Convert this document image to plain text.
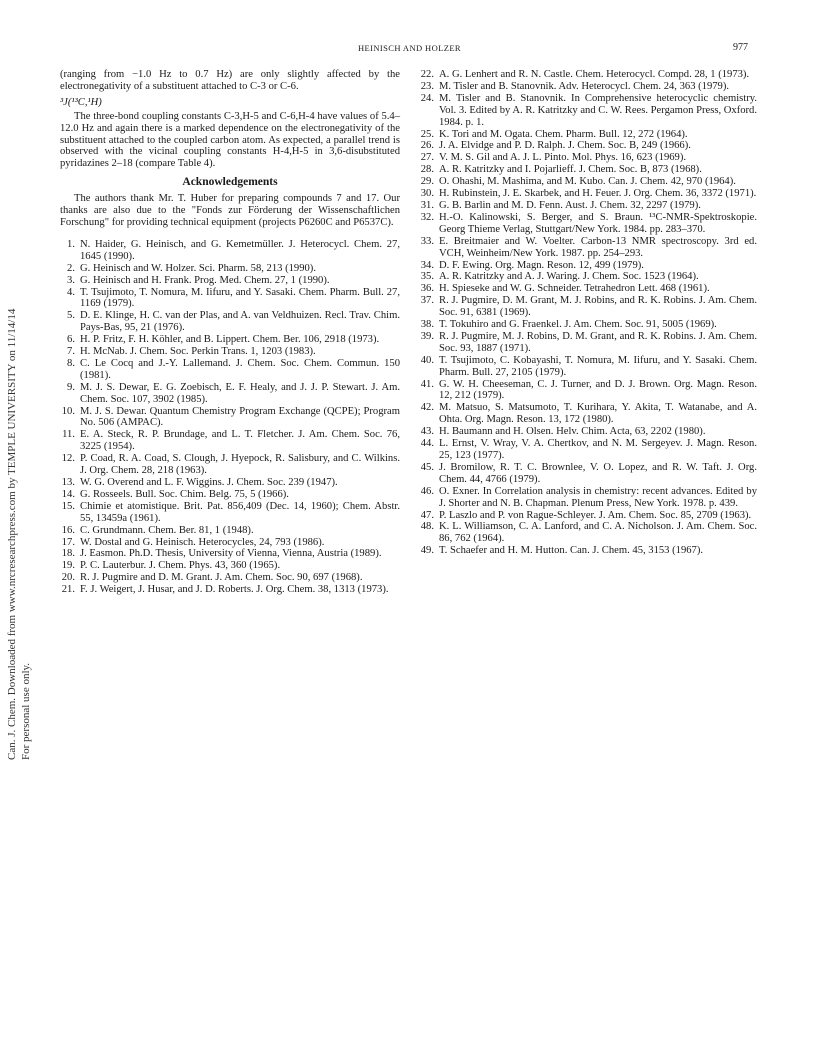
HEINISCH AND HOLZER	977
Can. J. Chem. Downloaded from www.nrcresearchpress.com by TEMPLE UNIVERSITY on 11/14/14 For personal use only.

(ranging from −1.0 Hz to 0.7 Hz) are only slightly affected by the electronegativity of a substituent attached to C-3 or C-6.

³J(¹³C,¹H)

The three-bond coupling constants C-3,H-5 and C-6,H-4 have values of 5.4–12.0 Hz and again there is a marked dependence on the electronegativity of the substituent attached to the coupled carbon atom. As expected, a parallel trend is observed with the vicinal coupling constants H-4,H-5 in 3,6-disubstituted pyridazines 2–18 (compare Table 4).

Acknowledgements

The authors thank Mr. T. Huber for preparing compounds 7 and 17. Our thanks are also due to the "Fonds zur Förderung der Wissenschaftlichen Forschung" for providing technical equipment (projects P6260C and P6537C).

1. N. Haider, G. Heinisch, and G. Kemetmüller. J. Heterocycl. Chem. 27, 1645 (1990).
2. G. Heinisch and W. Holzer. Sci. Pharm. 58, 213 (1990).
3. G. Heinisch and H. Frank. Prog. Med. Chem. 27, 1 (1990).
4. T. Tsujimoto, T. Nomura, M. Iifuru, and Y. Sasaki. Chem. Pharm. Bull. 27, 1169 (1979).
5. D. E. Klinge, H. C. van der Plas, and A. van Veldhuizen. Recl. Trav. Chim. Pays-Bas, 95, 21 (1976).
6. H. P. Fritz, F. H. Köhler, and B. Lippert. Chem. Ber. 106, 2918 (1973).
7. H. McNab. J. Chem. Soc. Perkin Trans. 1, 1203 (1983).
8. C. Le Cocq and J.-Y. Lallemand. J. Chem. Soc. Chem. Commun. 150 (1981).
9. M. J. S. Dewar, E. G. Zoebisch, E. F. Healy, and J. J. P. Stewart. J. Am. Chem. Soc. 107, 3902 (1985).
10. M. J. S. Dewar. Quantum Chemistry Program Exchange (QCPE); Program No. 506 (AMPAC).
11. E. A. Steck, R. P. Brundage, and L. T. Fletcher. J. Am. Chem. Soc. 76, 3225 (1954).
12. P. Coad, R. A. Coad, S. Clough, J. Hyepock, R. Salisbury, and C. Wilkins. J. Org. Chem. 28, 218 (1963).
13. W. G. Overend and L. F. Wiggins. J. Chem. Soc. 239 (1947).
14. G. Rosseels. Bull. Soc. Chim. Belg. 75, 5 (1966).
15. Chimie et atomistique. Brit. Pat. 856,409 (Dec. 14, 1960); Chem. Abstr. 55, 13459a (1961).
16. C. Grundmann. Chem. Ber. 81, 1 (1948).
17. W. Dostal and G. Heinisch. Heterocycles, 24, 793 (1986).
18. J. Easmon. Ph.D. Thesis, University of Vienna, Vienna, Austria (1989).
19. P. C. Lauterbur. J. Chem. Phys. 43, 360 (1965).
20. R. J. Pugmire and D. M. Grant. J. Am. Chem. Soc. 90, 697 (1968).
21. F. J. Weigert, J. Husar, and J. D. Roberts. J. Org. Chem. 38, 1313 (1973).
22. A. G. Lenhert and R. N. Castle. Chem. Heterocycl. Compd. 28, 1 (1973).
23. M. Tisler and B. Stanovnik. Adv. Heterocycl. Chem. 24, 363 (1979).
24. M. Tisler and B. Stanovnik. In Comprehensive heterocyclic chemistry. Vol. 3. Edited by A. R. Katritzky and C. W. Rees. Pergamon Press, Oxford. 1984. p. 1.
25. K. Tori and M. Ogata. Chem. Pharm. Bull. 12, 272 (1964).
26. J. A. Elvidge and P. D. Ralph. J. Chem. Soc. B, 249 (1966).
27. V. M. S. Gil and A. J. L. Pinto. Mol. Phys. 16, 623 (1969).
28. A. R. Katritzky and I. Pojarlieff. J. Chem. Soc. B, 873 (1968).
29. O. Ohashi, M. Mashima, and M. Kubo. Can. J. Chem. 42, 970 (1964).
30. H. Rubinstein, J. E. Skarbek, and H. Feuer. J. Org. Chem. 36, 3372 (1971).
31. G. B. Barlin and M. D. Fenn. Aust. J. Chem. 32, 2297 (1979).
32. H.-O. Kalinowski, S. Berger, and S. Braun. ¹³C-NMR-Spektroskopie. Georg Thieme Verlag, Stuttgart/New York. 1984. pp. 283–370.
33. E. Breitmaier and W. Voelter. Carbon-13 NMR spectroscopy. 3rd ed. VCH, Weinheim/New York. 1987. pp. 254–293.
34. D. F. Ewing. Org. Magn. Reson. 12, 499 (1979).
35. A. R. Katritzky and A. J. Waring. J. Chem. Soc. 1523 (1964).
36. H. Spieseke and W. G. Schneider. Tetrahedron Lett. 468 (1961).
37. R. J. Pugmire, D. M. Grant, M. J. Robins, and R. K. Robins. J. Am. Chem. Soc. 91, 6381 (1969).
38. T. Tokuhiro and G. Fraenkel. J. Am. Chem. Soc. 91, 5005 (1969).
39. R. J. Pugmire, M. J. Robins, D. M. Grant, and R. K. Robins. J. Am. Chem. Soc. 93, 1887 (1971).
40. T. Tsujimoto, C. Kobayashi, T. Nomura, M. Iifuru, and Y. Sasaki. Chem. Pharm. Bull. 27, 2105 (1979).
41. G. W. H. Cheeseman, C. J. Turner, and D. J. Brown. Org. Magn. Reson. 12, 212 (1979).
42. M. Matsuo, S. Matsumoto, T. Kurihara, Y. Akita, T. Watanabe, and A. Ohta. Org. Magn. Reson. 13, 172 (1980).
43. H. Baumann and H. Olsen. Helv. Chim. Acta, 63, 2202 (1980).
44. L. Ernst, V. Wray, V. A. Chertkov, and N. M. Sergeyev. J. Magn. Reson. 25, 123 (1977).
45. J. Bromilow, R. T. C. Brownlee, V. O. Lopez, and R. W. Taft. J. Org. Chem. 44, 4766 (1979).
46. O. Exner. In Correlation analysis in chemistry: recent advances. Edited by J. Shorter and N. B. Chapman. Plenum Press, New York. 1978. p. 439.
47. P. Laszlo and P. von Rague-Schleyer. J. Am. Chem. Soc. 85, 2709 (1963).
48. K. L. Williamson, C. A. Lanford, and C. A. Nicholson. J. Am. Chem. Soc. 86, 762 (1964).
49. T. Schaefer and H. M. Hutton. Can. J. Chem. 45, 3153 (1967).
